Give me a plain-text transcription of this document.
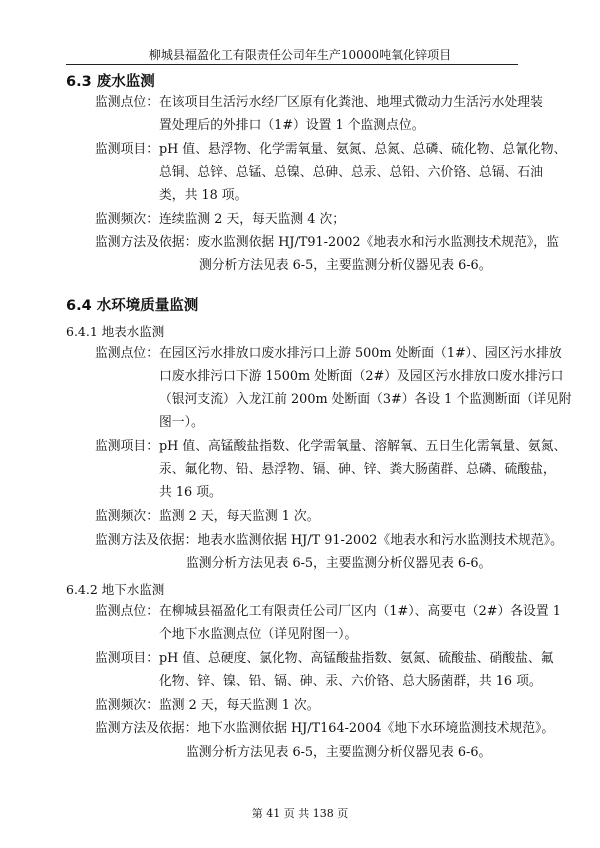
柳城县福盈化工有限责任公司年生产10000吨氧化锌项目
6.3 废水监测
监测点位：在该项目生活污水经厂区原有化粪池、地埋式微动力生活污水处理装
置处理后的外排口（1#）设置 1 个监测点位。
监测项目：pH 值、悬浮物、化学需氧量、氨氮、总氮、总磷、硫化物、总氰化物、
总铜、总锌、总锰、总镍、总砷、总汞、总铅、六价铬、总镉、石油
类，共 18 项。
监测频次：连续监测 2 天，每天监测 4 次；
监测方法及依据：废水监测依据 HJ/T91-2002《地表水和污水监测技术规范》，监
测分析方法见表 6-5，主要监测分析仪器见表 6-6。
6.4 水环境质量监测
6.4.1 地表水监测
监测点位：在园区污水排放口废水排污口上游 500m 处断面（1#）、园区污水排放
口废水排污口下游 1500m 处断面（2#）及园区污水排放口废水排污口
（银河支流）入龙江前 200m 处断面（3#）各设 1 个监测断面（详见附
图一）。
监测项目：pH 值、高锰酸盐指数、化学需氧量、溶解氧、五日生化需氧量、氨氮、
汞、氟化物、铅、悬浮物、镉、砷、锌、粪大肠菌群、总磷、硫酸盐，
共 16 项。
监测频次：监测 2 天，每天监测 1 次。
监测方法及依据：地表水监测依据 HJ/T 91-2002《地表水和污水监测技术规范》。
监测分析方法见表 6-5，主要监测分析仪器见表 6-6。
6.4.2 地下水监测
监测点位：在柳城县福盈化工有限责任公司厂区内（1#）、高要屯（2#）各设置 1
个地下水监测点位（详见附图一）。
监测项目：pH 值、总硬度、氯化物、高锰酸盐指数、氨氮、硫酸盐、硝酸盐、氟
化物、锌、镍、铅、镉、砷、汞、六价铬、总大肠菌群，共 16 项。
监测频次：监测 2 天，每天监测 1 次。
监测方法及依据：地下水监测依据 HJ/T164-2004《地下水环境监测技术规范》。
监测分析方法见表 6-5，主要监测分析仪器见表 6-6。
第 41 页 共 138 页
